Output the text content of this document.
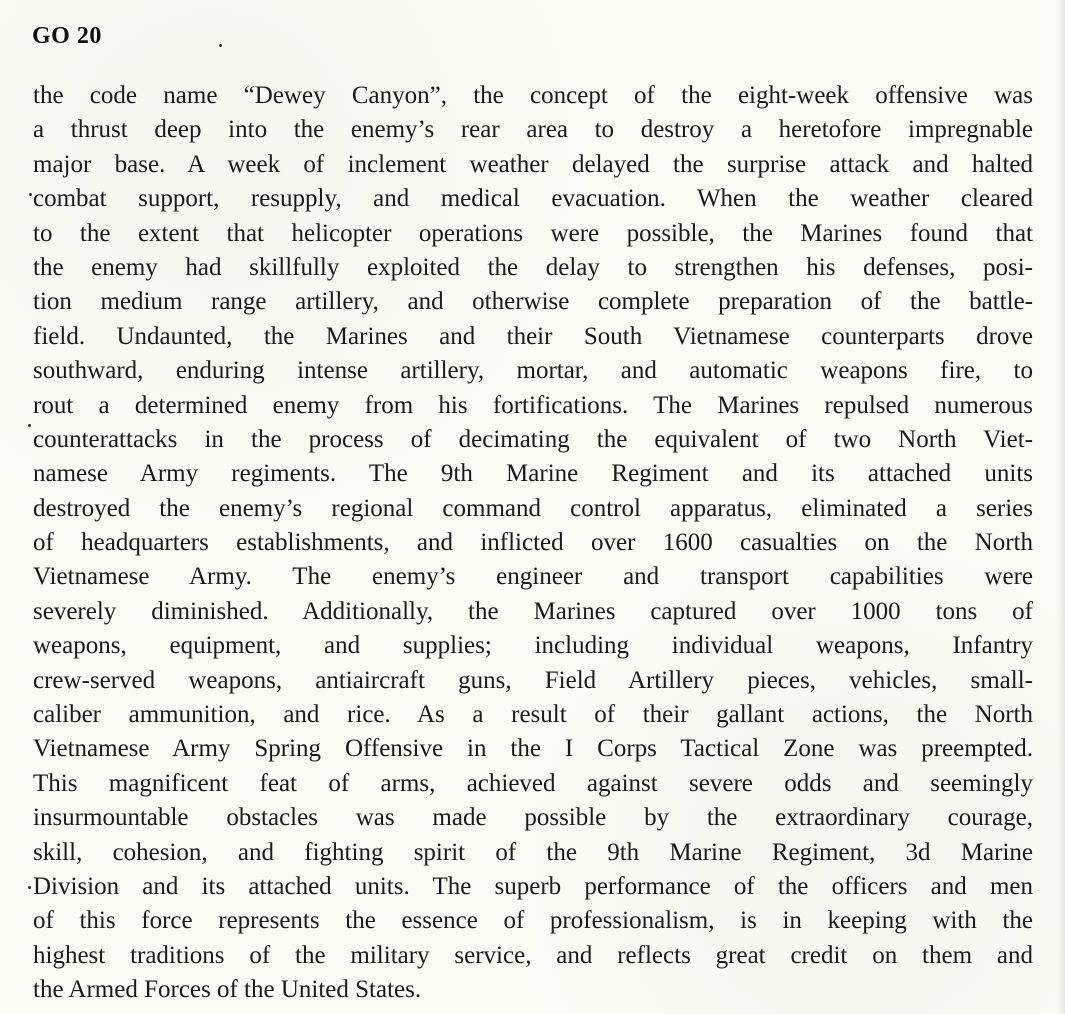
GO 20
the code name “Dewey Canyon”, the concept of the eight-week offensive was
a thrust deep into the enemy’s rear area to destroy a heretofore impregnable
major base. A week of inclement weather delayed the surprise attack and halted
combat support, resupply, and medical evacuation. When the weather cleared
to the extent that helicopter operations were possible, the Marines found that
the enemy had skillfully exploited the delay to strengthen his defenses, posi-
tion medium range artillery, and otherwise complete preparation of the battle-
field. Undaunted, the Marines and their South Vietnamese counterparts drove
southward, enduring intense artillery, mortar, and automatic weapons fire, to
rout a determined enemy from his fortifications. The Marines repulsed numerous
counterattacks in the process of decimating the equivalent of two North Viet-
namese Army regiments. The 9th Marine Regiment and its attached units
destroyed the enemy’s regional command control apparatus, eliminated a series
of headquarters establishments, and inflicted over 1600 casualties on the North
Vietnamese Army. The enemy’s engineer and transport capabilities were
severely diminished. Additionally, the Marines captured over 1000 tons of
weapons, equipment, and supplies; including individual weapons, Infantry
crew-served weapons, antiaircraft guns, Field Artillery pieces, vehicles, small-
caliber ammunition, and rice. As a result of their gallant actions, the North
Vietnamese Army Spring Offensive in the I Corps Tactical Zone was preempted.
This magnificent feat of arms, achieved against severe odds and seemingly
insurmountable obstacles was made possible by the extraordinary courage,
skill, cohesion, and fighting spirit of the 9th Marine Regiment, 3d Marine
Division and its attached units. The superb performance of the officers and men
of this force represents the essence of professionalism, is in keeping with the
highest traditions of the military service, and reflects great credit on them and
the Armed Forces of the United States.
